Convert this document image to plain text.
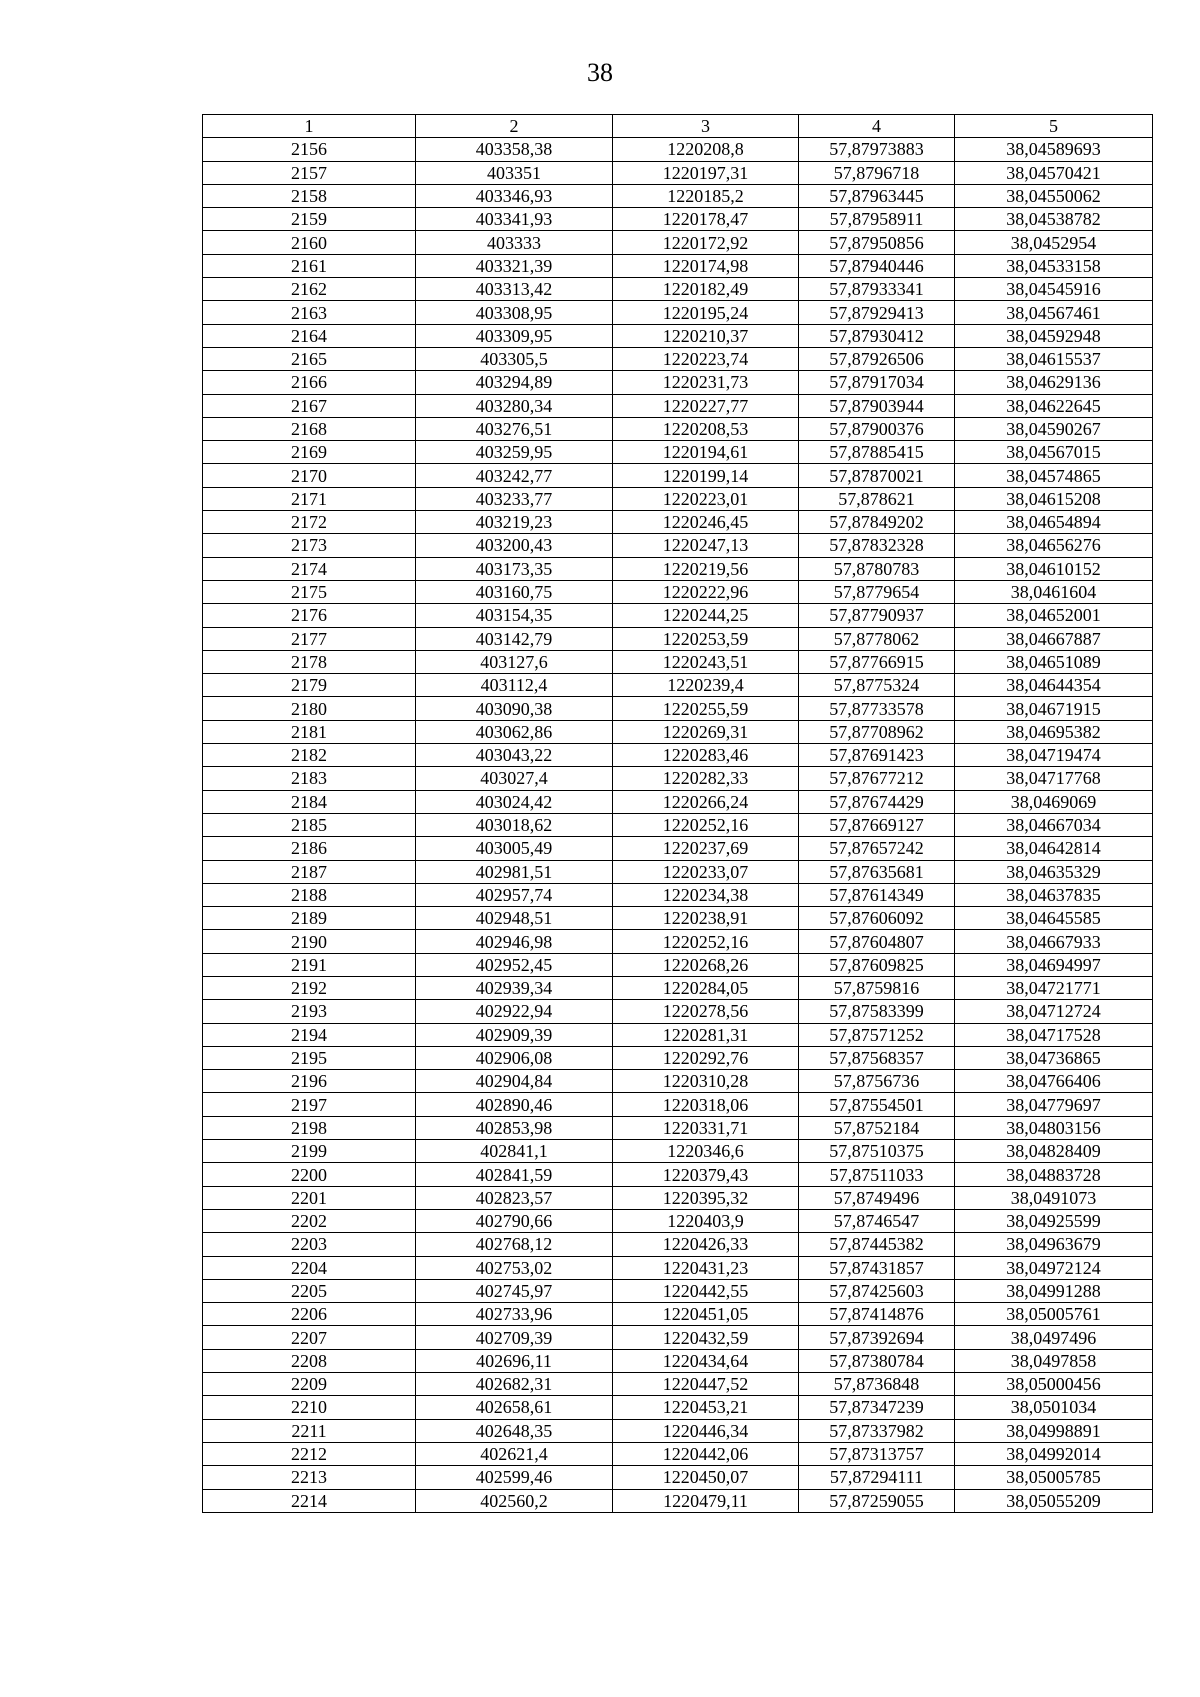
38
1	2	3	4	5
2156	403358,38	1220208,8	57,87973883	38,04589693
2157	403351	1220197,31	57,8796718	38,04570421
2158	403346,93	1220185,2	57,87963445	38,04550062
2159	403341,93	1220178,47	57,87958911	38,04538782
2160	403333	1220172,92	57,87950856	38,0452954
2161	403321,39	1220174,98	57,87940446	38,04533158
2162	403313,42	1220182,49	57,87933341	38,04545916
2163	403308,95	1220195,24	57,87929413	38,04567461
2164	403309,95	1220210,37	57,87930412	38,04592948
2165	403305,5	1220223,74	57,87926506	38,04615537
2166	403294,89	1220231,73	57,87917034	38,04629136
2167	403280,34	1220227,77	57,87903944	38,04622645
2168	403276,51	1220208,53	57,87900376	38,04590267
2169	403259,95	1220194,61	57,87885415	38,04567015
2170	403242,77	1220199,14	57,87870021	38,04574865
2171	403233,77	1220223,01	57,878621	38,04615208
2172	403219,23	1220246,45	57,87849202	38,04654894
2173	403200,43	1220247,13	57,87832328	38,04656276
2174	403173,35	1220219,56	57,8780783	38,04610152
2175	403160,75	1220222,96	57,8779654	38,0461604
2176	403154,35	1220244,25	57,87790937	38,04652001
2177	403142,79	1220253,59	57,8778062	38,04667887
2178	403127,6	1220243,51	57,87766915	38,04651089
2179	403112,4	1220239,4	57,8775324	38,04644354
2180	403090,38	1220255,59	57,87733578	38,04671915
2181	403062,86	1220269,31	57,87708962	38,04695382
2182	403043,22	1220283,46	57,87691423	38,04719474
2183	403027,4	1220282,33	57,87677212	38,04717768
2184	403024,42	1220266,24	57,87674429	38,0469069
2185	403018,62	1220252,16	57,87669127	38,04667034
2186	403005,49	1220237,69	57,87657242	38,04642814
2187	402981,51	1220233,07	57,87635681	38,04635329
2188	402957,74	1220234,38	57,87614349	38,04637835
2189	402948,51	1220238,91	57,87606092	38,04645585
2190	402946,98	1220252,16	57,87604807	38,04667933
2191	402952,45	1220268,26	57,87609825	38,04694997
2192	402939,34	1220284,05	57,8759816	38,04721771
2193	402922,94	1220278,56	57,87583399	38,04712724
2194	402909,39	1220281,31	57,87571252	38,04717528
2195	402906,08	1220292,76	57,87568357	38,04736865
2196	402904,84	1220310,28	57,8756736	38,04766406
2197	402890,46	1220318,06	57,87554501	38,04779697
2198	402853,98	1220331,71	57,8752184	38,04803156
2199	402841,1	1220346,6	57,87510375	38,04828409
2200	402841,59	1220379,43	57,87511033	38,04883728
2201	402823,57	1220395,32	57,8749496	38,0491073
2202	402790,66	1220403,9	57,8746547	38,04925599
2203	402768,12	1220426,33	57,87445382	38,04963679
2204	402753,02	1220431,23	57,87431857	38,04972124
2205	402745,97	1220442,55	57,87425603	38,04991288
2206	402733,96	1220451,05	57,87414876	38,05005761
2207	402709,39	1220432,59	57,87392694	38,0497496
2208	402696,11	1220434,64	57,87380784	38,0497858
2209	402682,31	1220447,52	57,8736848	38,05000456
2210	402658,61	1220453,21	57,87347239	38,0501034
2211	402648,35	1220446,34	57,87337982	38,04998891
2212	402621,4	1220442,06	57,87313757	38,04992014
2213	402599,46	1220450,07	57,87294111	38,05005785
2214	402560,2	1220479,11	57,87259055	38,05055209
